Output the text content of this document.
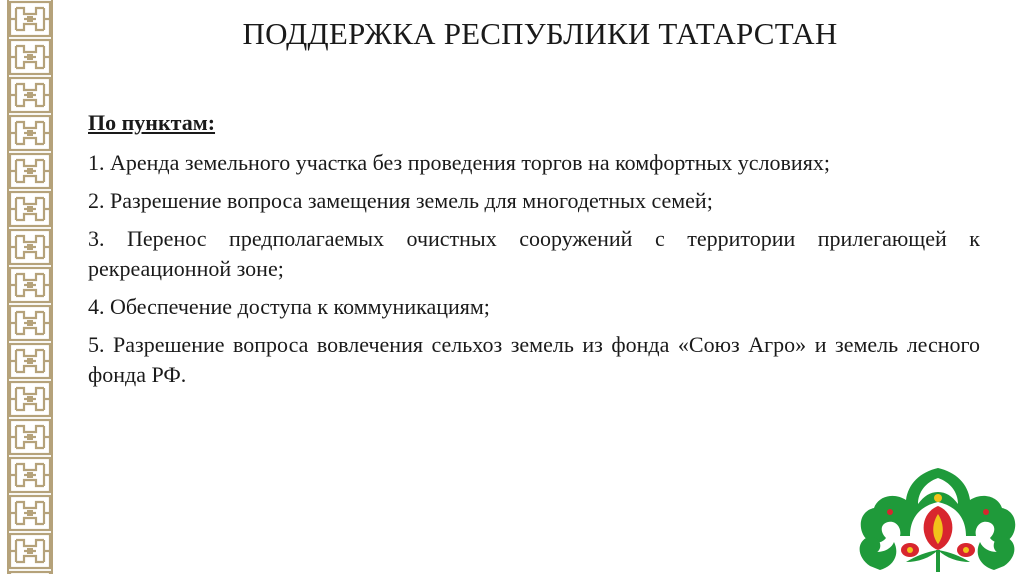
ПОДДЕРЖКА РЕСПУБЛИКИ ТАТАРСТАН

По пунктам:

1. Аренда земельного участка без проведения торгов на комфортных условиях;

2. Разрешение вопроса замещения земель для многодетных семей;

3. Перенос предполагаемых очистных сооружений с территории прилегающей к рекреационной зоне;

4. Обеспечение доступа к коммуникациям;

5. Разрешение вопроса вовлечения сельхоз земель из фонда «Союз Агро» и земель лесного фонда РФ.
